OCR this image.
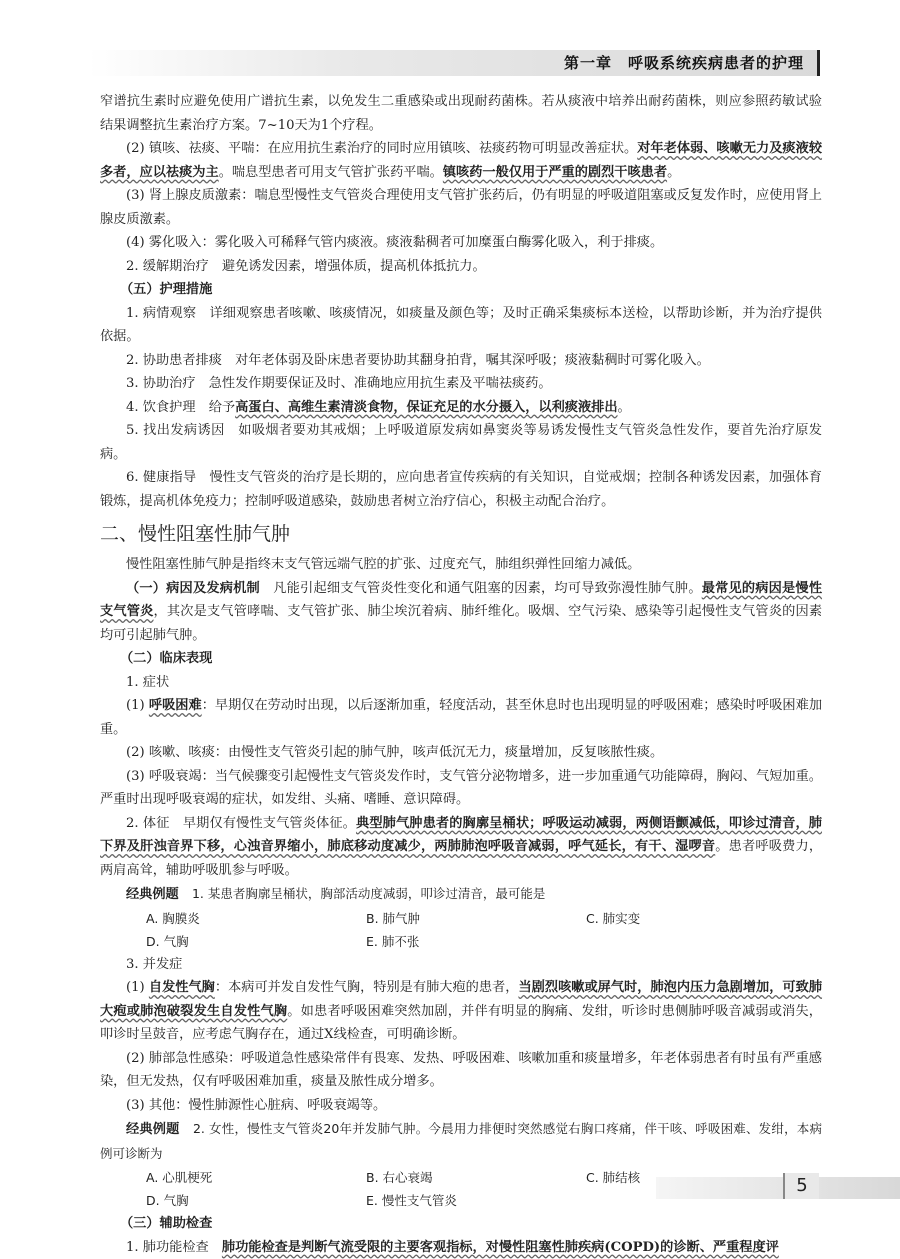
第一章　呼吸系统疾病患者的护理

窄谱抗生素时应避免使用广谱抗生素，以免发生二重感染或出现耐药菌株。若从痰液中培养出耐药菌株，则应参照药敏试验结果调整抗生素治疗方案。7~10天为1个疗程。

(2) 镇咳、祛痰、平喘：在应用抗生素治疗的同时应用镇咳、祛痰药物可明显改善症状。对年老体弱、咳嗽无力及痰液较多者，应以祛痰为主。喘息型患者可用支气管扩张药平喘。镇咳药一般仅用于严重的剧烈干咳患者。

(3) 肾上腺皮质激素：喘息型慢性支气管炎合理使用支气管扩张药后，仍有明显的呼吸道阻塞或反复发作时，应使用肾上腺皮质激素。

(4) 雾化吸入：雾化吸入可稀释气管内痰液。痰液黏稠者可加糜蛋白酶雾化吸入，利于排痰。

2. 缓解期治疗　避免诱发因素，增强体质，提高机体抵抗力。

（五）护理措施

1. 病情观察　详细观察患者咳嗽、咳痰情况，如痰量及颜色等；及时正确采集痰标本送检，以帮助诊断，并为治疗提供依据。

2. 协助患者排痰　对年老体弱及卧床患者要协助其翻身拍背，嘱其深呼吸；痰液黏稠时可雾化吸入。

3. 协助治疗　急性发作期要保证及时、准确地应用抗生素及平喘祛痰药。

4. 饮食护理　给予高蛋白、高维生素清淡食物，保证充足的水分摄入，以利痰液排出。

5. 找出发病诱因　如吸烟者要劝其戒烟；上呼吸道原发病如鼻窦炎等易诱发慢性支气管炎急性发作，要首先治疗原发病。

6. 健康指导　慢性支气管炎的治疗是长期的，应向患者宣传疾病的有关知识，自觉戒烟；控制各种诱发因素，加强体育锻炼，提高机体免疫力；控制呼吸道感染，鼓励患者树立治疗信心，积极主动配合治疗。

二、慢性阻塞性肺气肿

慢性阻塞性肺气肿是指终末支气管远端气腔的扩张、过度充气，肺组织弹性回缩力减低。

（一）病因及发病机制　凡能引起细支气管炎性变化和通气阻塞的因素，均可导致弥漫性肺气肿。最常见的病因是慢性支气管炎，其次是支气管哮喘、支气管扩张、肺尘埃沉着病、肺纤维化。吸烟、空气污染、感染等引起慢性支气管炎的因素均可引起肺气肿。

（二）临床表现

1. 症状

(1) 呼吸困难：早期仅在劳动时出现，以后逐渐加重，轻度活动，甚至休息时也出现明显的呼吸困难；感染时呼吸困难加重。

(2) 咳嗽、咳痰：由慢性支气管炎引起的肺气肿，咳声低沉无力，痰量增加，反复咳脓性痰。

(3) 呼吸衰竭：当气候骤变引起慢性支气管炎发作时，支气管分泌物增多，进一步加重通气功能障碍，胸闷、气短加重。严重时出现呼吸衰竭的症状，如发绀、头痛、嗜睡、意识障碍。

2. 体征　早期仅有慢性支气管炎体征。典型肺气肿患者的胸廓呈桶状；呼吸运动减弱，两侧语颤减低，叩诊过清音，肺下界及肝浊音界下移，心浊音界缩小，肺底移动度减少，两肺肺泡呼吸音减弱，呼气延长，有干、湿啰音。患者呼吸费力，两肩高耸，辅助呼吸肌参与呼吸。

经典例题　 1. 某患者胸廓呈桶状，胸部活动度减弱，叩诊过清音，最可能是

A. 胸膜炎	B. 肺气肿	C. 肺实变
D. 气胸	E. 肺不张

3. 并发症

(1) 自发性气胸：本病可并发自发性气胸，特别是有肺大疱的患者，当剧烈咳嗽或屏气时，肺泡内压力急剧增加，可致肺大疱或肺泡破裂发生自发性气胸。如患者呼吸困难突然加剧，并伴有明显的胸痛、发绀，听诊时患侧肺呼吸音减弱或消失，叩诊时呈鼓音，应考虑气胸存在，通过X线检查，可明确诊断。

(2) 肺部急性感染：呼吸道急性感染常伴有畏寒、发热、呼吸困难、咳嗽加重和痰量增多，年老体弱患者有时虽有严重感染，但无发热，仅有呼吸困难加重，痰量及脓性成分增多。

(3) 其他：慢性肺源性心脏病、呼吸衰竭等。

经典例题　 2. 女性，慢性支气管炎20年并发肺气肿。今晨用力排便时突然感觉右胸口疼痛，伴干咳、呼吸困难、发绀，本病例可诊断为

A. 心肌梗死	B. 右心衰竭	C. 肺结核
D. 气胸	E. 慢性支气管炎
（三）辅助检查

1. 肺功能检查　肺功能检查是判断气流受限的主要客观指标，对慢性阻塞性肺疾病(COPD)的诊断、严重程度评

5
